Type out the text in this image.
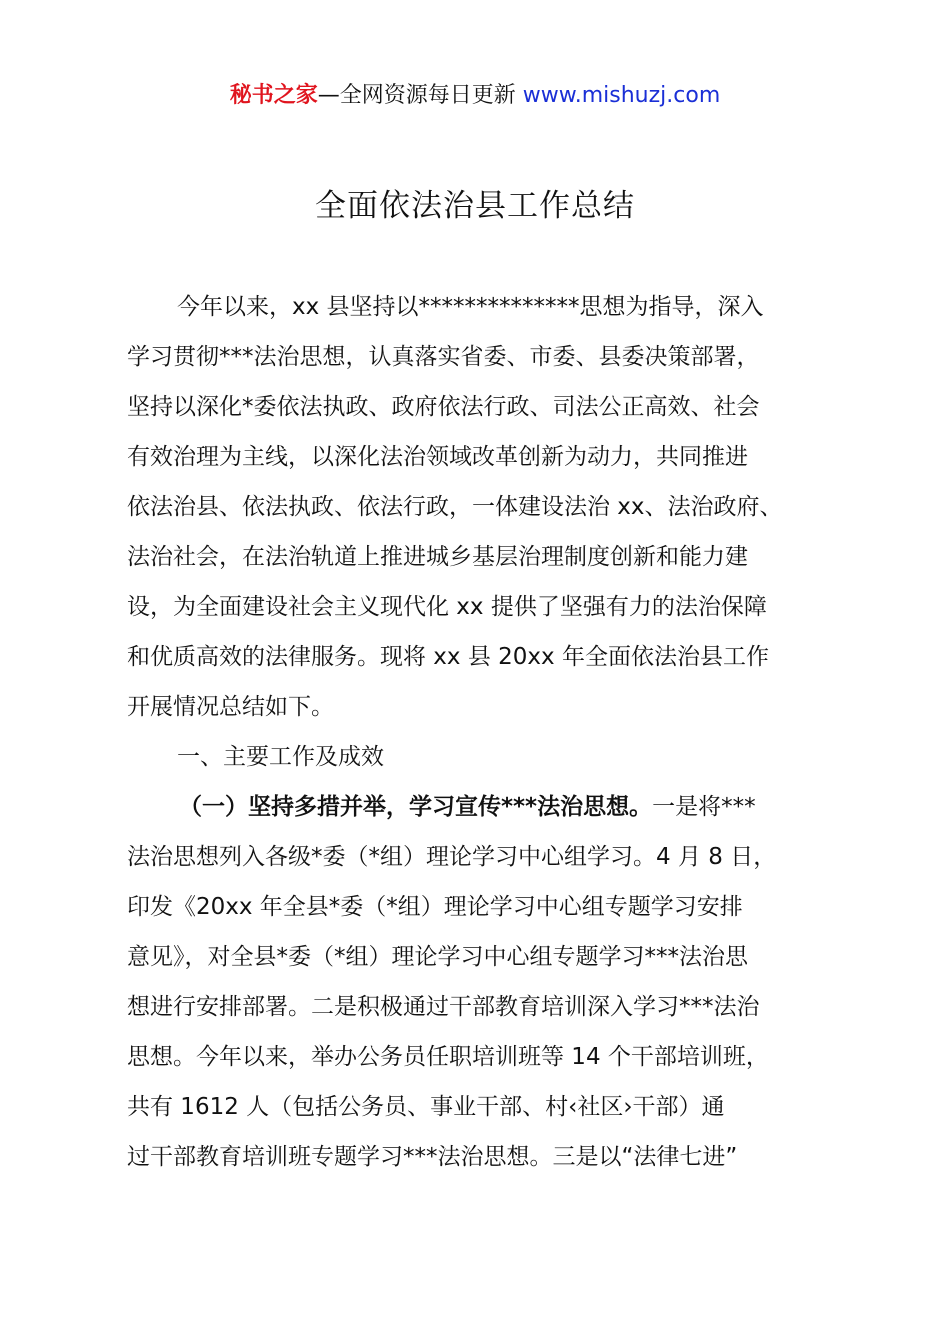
秘书之家—全网资源每日更新 www.mishuzj.com
全面依法治县工作总结
今年以来，xx 县坚持以**************思想为指导，深入
学习贯彻***法治思想，认真落实省委、市委、县委决策部署，
坚持以深化*委依法执政、政府依法行政、司法公正高效、社会
有效治理为主线，以深化法治领域改革创新为动力，共同推进
依法治县、依法执政、依法行政，一体建设法治 xx、法治政府、
法治社会，在法治轨道上推进城乡基层治理制度创新和能力建
设，为全面建设社会主义现代化 xx 提供了坚强有力的法治保障
和优质高效的法律服务。现将 xx 县 20xx 年全面依法治县工作
开展情况总结如下。
一、主要工作及成效
（一）坚持多措并举，学习宣传***法治思想。一是将***
法治思想列入各级*委（*组）理论学习中心组学习。4 月 8 日，
印发《20xx 年全县*委（*组）理论学习中心组专题学习安排
意见》，对全县*委（*组）理论学习中心组专题学习***法治思
想进行安排部署。二是积极通过干部教育培训深入学习***法治
思想。今年以来，举办公务员任职培训班等 14 个干部培训班，
共有 1612 人（包括公务员、事业干部、村‹社区›干部）通
过干部教育培训班专题学习***法治思想。三是以“法律七进”
